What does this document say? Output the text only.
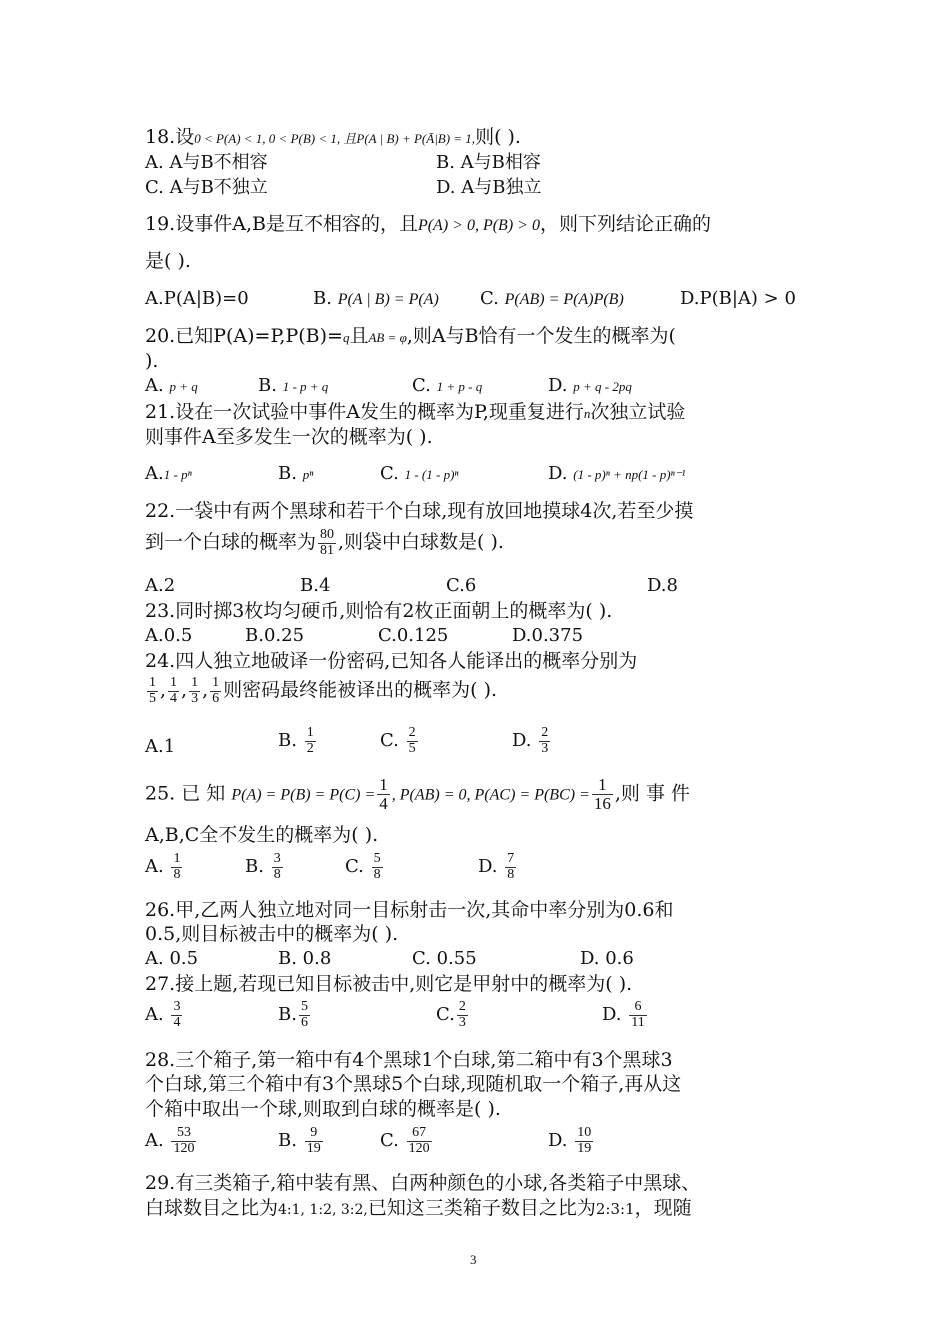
18.设0 < P(A) < 1, 0 < P(B) < 1, 且P(A | B) + P(Ā|B) = 1,则( ).
A. A与B不相容	B. A与B相容
C. A与B不独立	D. A与B独立
19.设事件A,B是互不相容的，且P(A) > 0, P(B) > 0，则下列结论正确的
是( ).
A.P(A|B)=0	B. P(A | B) = P(A) C. P(AB) = P(A)P(B)	D.P(B|A) > 0
20.已知P(A)=P,P(B)=q且AB = φ,则A与B恰有一个发生的概率为(
).
A. p + q	B. 1 - p + q	C. 1 + p - q	D. p + q - 2pq
21.设在一次试验中事件A发生的概率为P,现重复进行n次独立试验
则事件A至多发生一次的概率为( ).
A.1 - pⁿ	B. pⁿ	C. 1 - (1 - p)ⁿ	D. (1 - p)ⁿ + np(1 - p)ⁿ⁻¹
22.一袋中有两个黑球和若干个白球,现有放回地摸球4次,若至少摸
到一个白球的概率为 $\frac{80}{81}$ ,则袋中白球数是( ).
A.2	B.4	C.6	D.8
23.同时掷3枚均匀硬币,则恰有2枚正面朝上的概率为( ).
A.0.5	B.0.25	C.0.125	D.0.375
24.四人独立地破译一份密码,已知各人能译出的概率分别为
$\frac{1}{5}$ , $\frac{1}{4}$ , $\frac{1}{3}$ , $\frac{1}{6}$ 则密码最终能被译出的概率为( ).
A.1	B. $\frac{1}{2}$	C. $\frac{2}{5}$	D. $\frac{2}{3}$
25. 已 知 $P(A) = P(B) = P(C) = \frac{1}{4}$ , P(AB) = 0, $P(AC) = P(BC) = \frac{1}{16}$ ,则 事 件
A,B,C全不发生的概率为( ).
A. $\frac{1}{8}$	B. $\frac{3}{8}$	C. $\frac{5}{8}$	D. $\frac{7}{8}$
26.甲,乙两人独立地对同一目标射击一次,其命中率分别为0.6和
0.5,则目标被击中的概率为( ).
A. 0.5	B. 0.8	C. 0.55	D. 0.6
27.接上题,若现已知目标被击中,则它是甲射中的概率为( ).
A. $\frac{3}{4}$	B. $\frac{5}{6}$	C. $\frac{2}{3}$	D. $\frac{6}{11}$
28.三个箱子,第一箱中有4个黑球1个白球,第二箱中有3个黑球3
个白球,第三个箱中有3个黑球5个白球,现随机取一个箱子,再从这
个箱中取出一个球,则取到白球的概率是( ).
A. $\frac{53}{120}$	B. $\frac{9}{19}$	C. $\frac{67}{120}$	D. $\frac{10}{19}$
29.有三类箱子,箱中装有黑、白两种颜色的小球,各类箱子中黑球、
白球数目之比为4:1, 1:2, 3:2,已知这三类箱子数目之比为2:3:1，现随
3
